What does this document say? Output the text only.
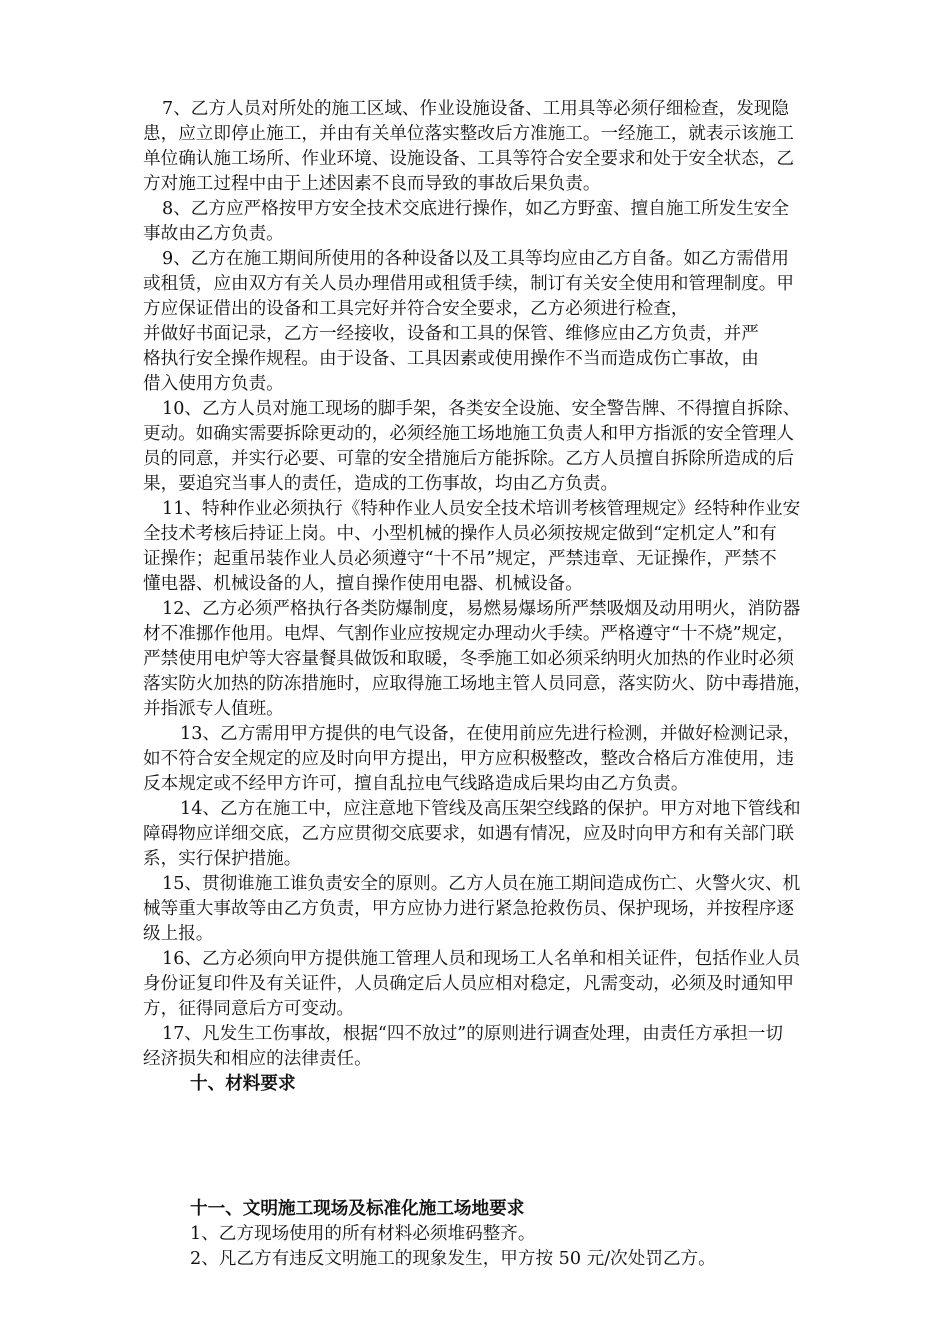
7、乙方人员对所处的施工区域、作业设施设备、工用具等必须仔细检查，发现隐
患，应立即停止施工，并由有关单位落实整改后方准施工。一经施工，就表示该施工
单位确认施工场所、作业环境、设施设备、工具等符合安全要求和处于安全状态，乙
方对施工过程中由于上述因素不良而导致的事故后果负责。
8、乙方应严格按甲方安全技术交底进行操作，如乙方野蛮、擅自施工所发生安全
事故由乙方负责。
9、乙方在施工期间所使用的各种设备以及工具等均应由乙方自备。如乙方需借用
或租赁，应由双方有关人员办理借用或租赁手续，制订有关安全使用和管理制度。甲
方应保证借出的设备和工具完好并符合安全要求，乙方必须进行检查，
并做好书面记录，乙方一经接收，设备和工具的保管、维修应由乙方负责，并严
格执行安全操作规程。由于设备、工具因素或使用操作不当而造成伤亡事故，由
借入使用方负责。
10、乙方人员对施工现场的脚手架，各类安全设施、安全警告牌、不得擅自拆除、
更动。如确实需要拆除更动的，必须经施工场地施工负责人和甲方指派的安全管理人
员的同意，并实行必要、可靠的安全措施后方能拆除。乙方人员擅自拆除所造成的后
果，要追究当事人的责任，造成的工伤事故，均由乙方负责。
11、特种作业必须执行《特种作业人员安全技术培训考核管理规定》经特种作业安
全技术考核后持证上岗。中、小型机械的操作人员必须按规定做到“定机定人”和有
证操作；起重吊装作业人员必须遵守“十不吊”规定，严禁违章、无证操作，严禁不
懂电器、机械设备的人，擅自操作使用电器、机械设备。
12、乙方必须严格执行各类防爆制度，易燃易爆场所严禁吸烟及动用明火，消防器
材不准挪作他用。电焊、气割作业应按规定办理动火手续。严格遵守“十不烧”规定，
严禁使用电炉等大容量餐具做饭和取暖，冬季施工如必须采纳明火加热的作业时必须
落实防火加热的防冻措施时，应取得施工场地主管人员同意，落实防火、防中毒措施，
并指派专人值班。
13、乙方需用甲方提供的电气设备，在使用前应先进行检测，并做好检测记录，
如不符合安全规定的应及时向甲方提出，甲方应积极整改，整改合格后方准使用，违
反本规定或不经甲方许可，擅自乱拉电气线路造成后果均由乙方负责。
14、乙方在施工中，应注意地下管线及高压架空线路的保护。甲方对地下管线和
障碍物应详细交底，乙方应贯彻交底要求，如遇有情况，应及时向甲方和有关部门联
系，实行保护措施。
15、贯彻谁施工谁负责安全的原则。乙方人员在施工期间造成伤亡、火警火灾、机
械等重大事故等由乙方负责，甲方应协力进行紧急抢救伤员、保护现场，并按程序逐
级上报。
16、乙方必须向甲方提供施工管理人员和现场工人名单和相关证件，包括作业人员
身份证复印件及有关证件，人员确定后人员应相对稳定，凡需变动，必须及时通知甲
方，征得同意后方可变动。
17、凡发生工伤事故，根据“四不放过”的原则进行调查处理，由责任方承担一切
经济损失和相应的法律责任。
十、材料要求
十一、文明施工现场及标准化施工场地要求
1、乙方现场使用的所有材料必须堆码整齐。
2、凡乙方有违反文明施工的现象发生，甲方按 50 元/次处罚乙方。
